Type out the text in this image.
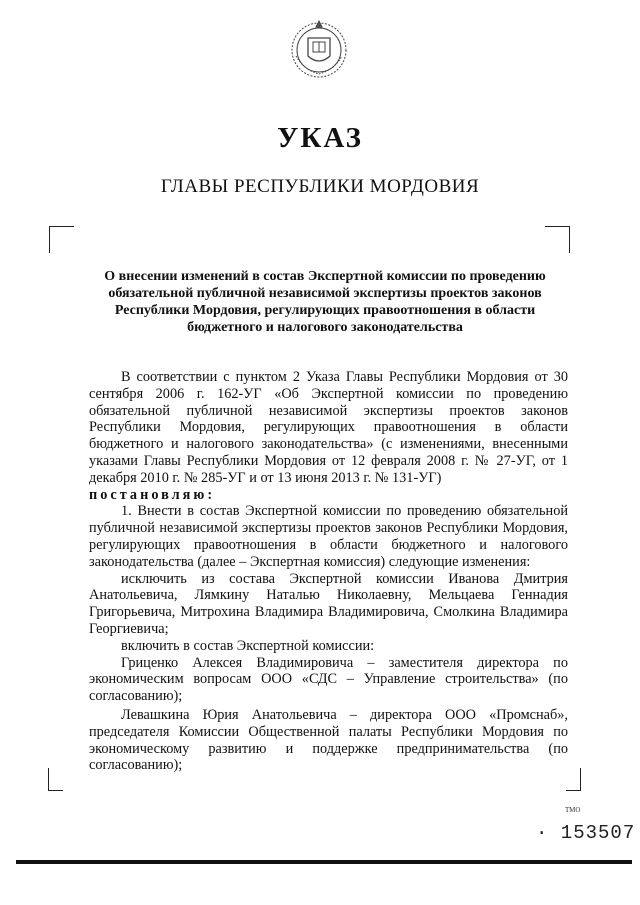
УКАЗ

ГЛАВЫ РЕСПУБЛИКИ МОРДОВИЯ

О внесении изменений в состав Экспертной комиссии по проведению обязательной публичной независимой экспертизы проектов законов Республики Мордовия, регулирующих правоотношения в области бюджетного и налогового законодательства

В соответствии с пунктом 2 Указа Главы Республики Мордовия от 30 сентября 2006 г. 162-УГ «Об Экспертной комиссии по проведению обязательной публичной независимой экспертизы проектов законов Республики Мордовия, регулирующих правоотношения в области бюджетного и налогового законодательства» (с изменениями, внесенными указами Главы Республики Мордовия от 12 февраля 2008 г. № 27-УГ, от 1 декабря 2010 г. № 285-УГ и от 13 июня 2013 г. № 131-УГ)

постановляю:

1. Внести в состав Экспертной комиссии по проведению обязательной публичной независимой экспертизы проектов законов Республики Мордовия, регулирующих правоотношения в области бюджетного и налогового законодательства (далее – Экспертная комиссия) следующие изменения:

исключить из состава Экспертной комиссии Иванова Дмитрия Анатольевича, Лямкину Наталью Николаевну, Мельцаева Геннадия Григорьевича, Митрохина Владимира Владимировича, Смолкина Владимира Георгиевича;

включить в состав Экспертной комиссии:

Гриценко Алексея Владимировича – заместителя директора по экономическим вопросам ООО «СДС – Управление строительства» (по согласованию);

Левашкина Юрия Анатольевича – директора ООО «Промснаб», председателя Комиссии Общественной палаты Республики Мордовия по экономическому развитию и поддержке предпринимательства (по согласованию);

ТМО
· 153507
